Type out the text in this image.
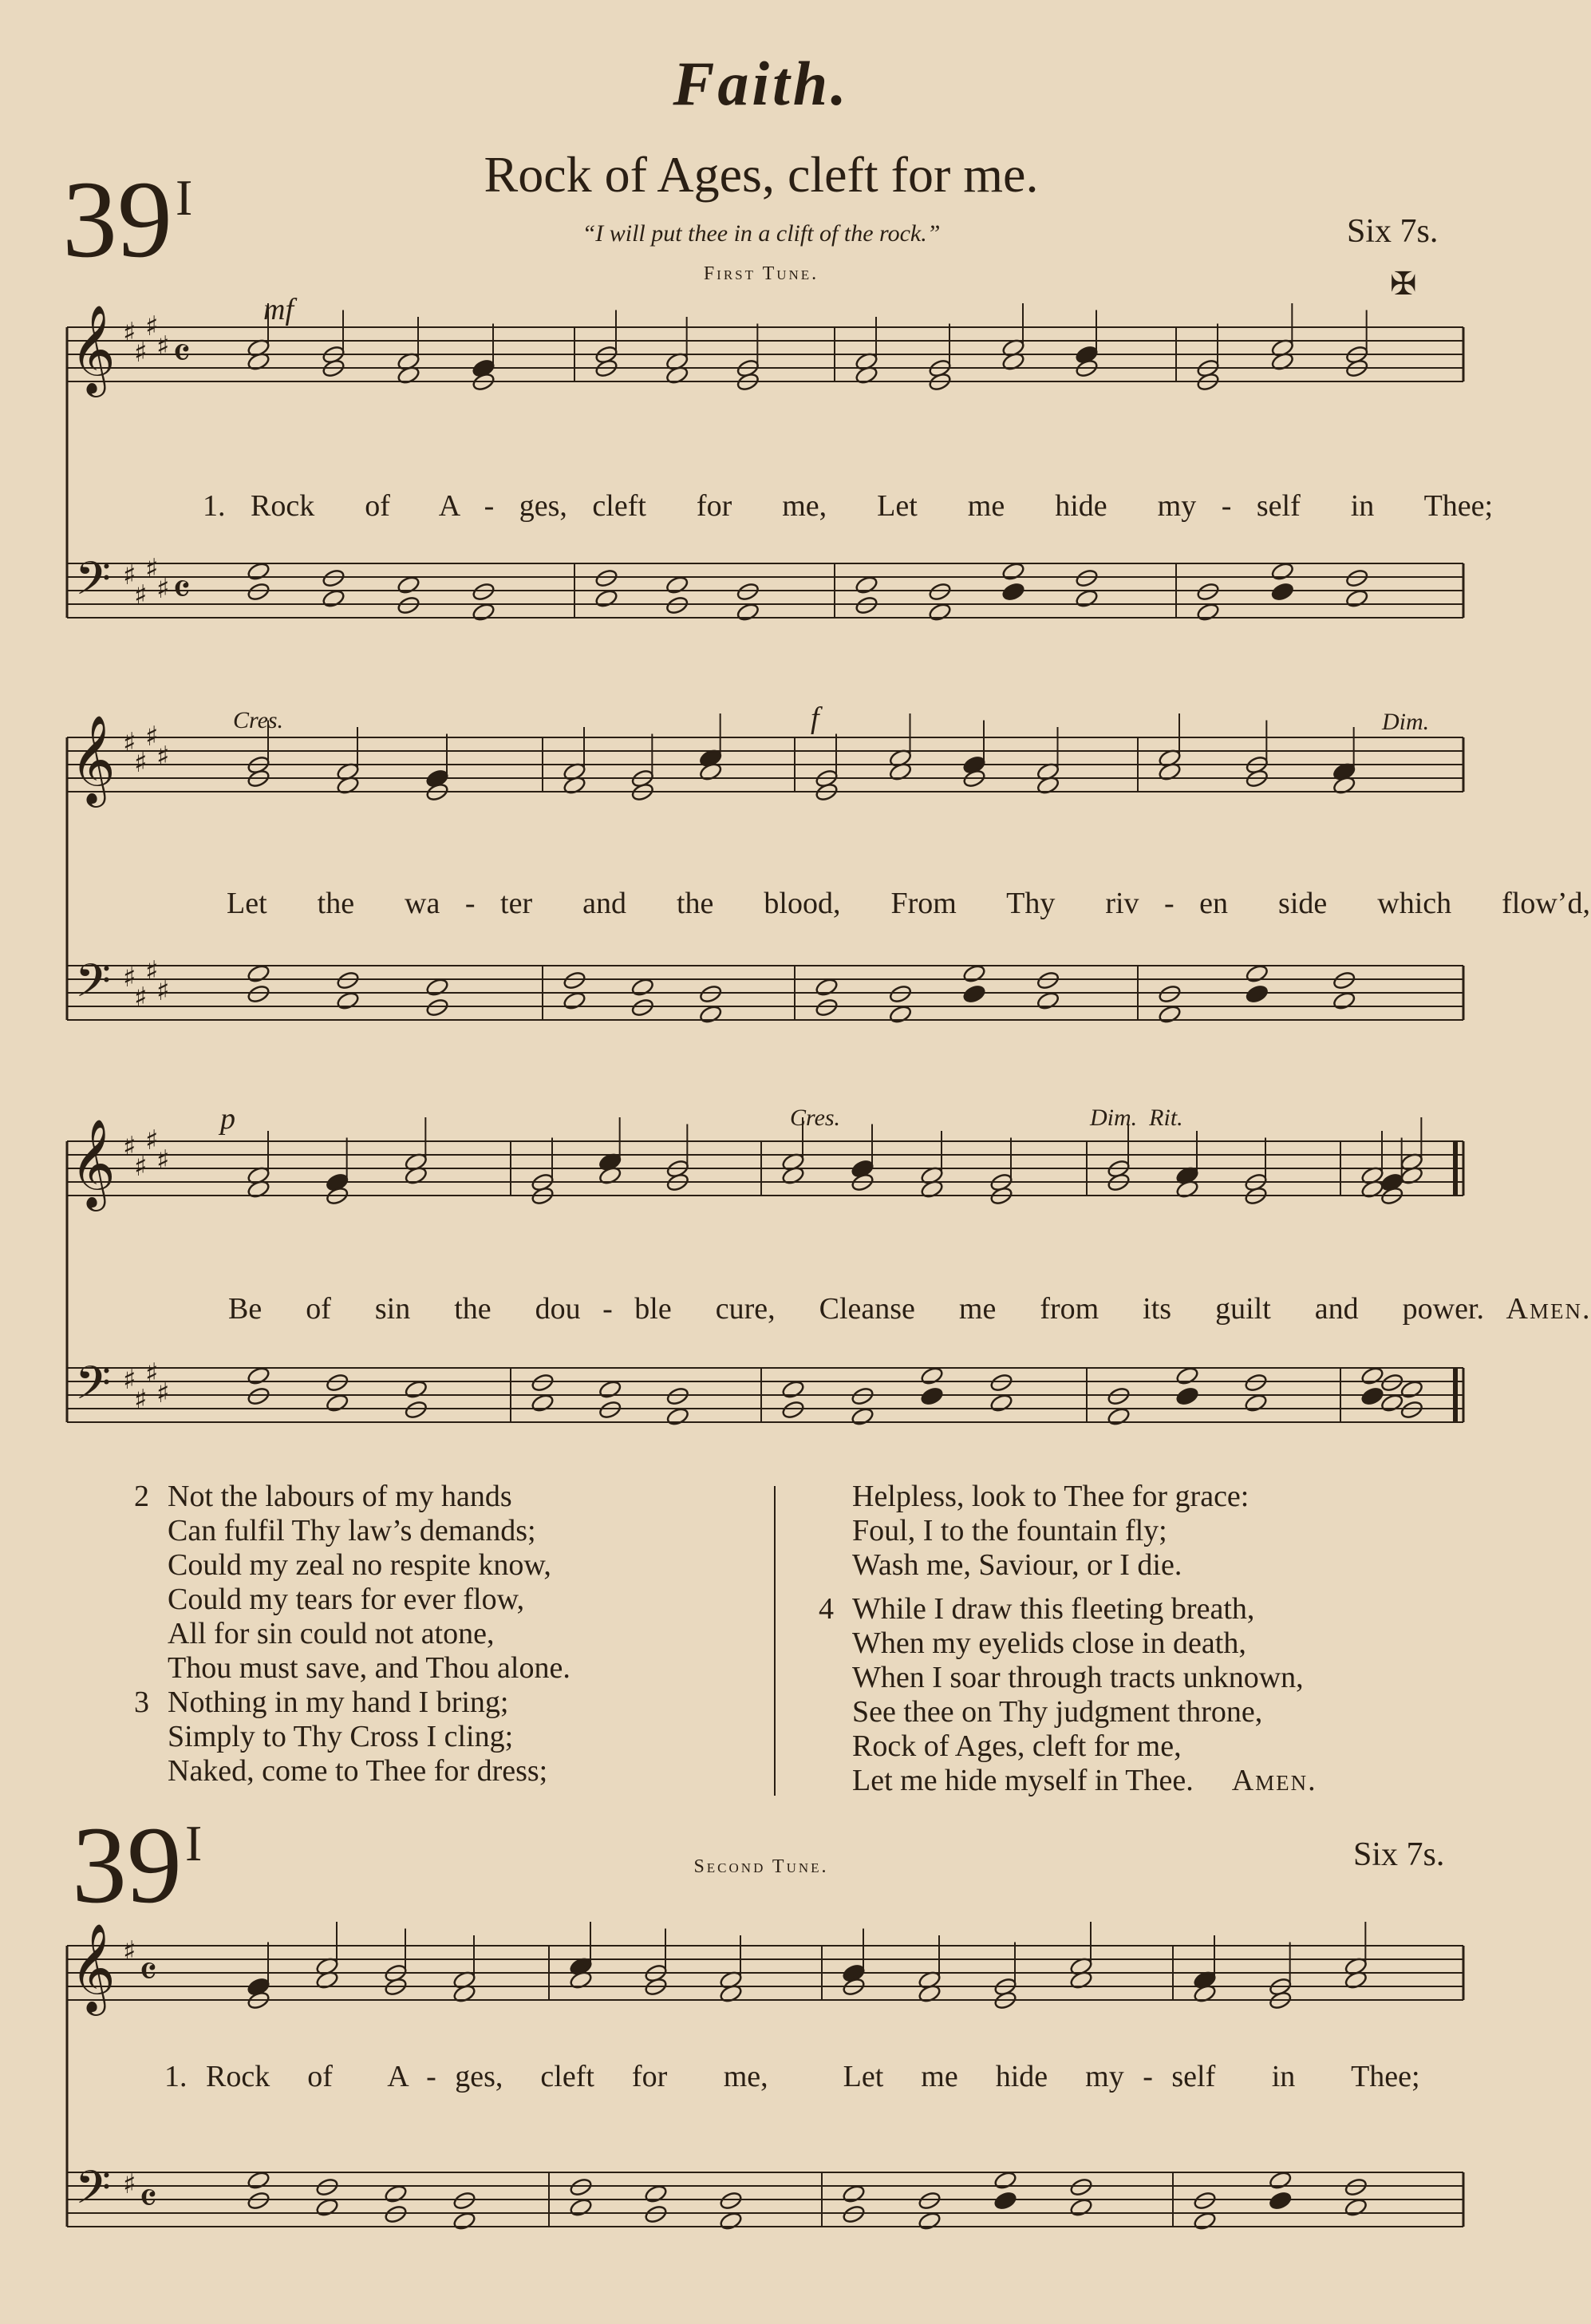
Faith.
$39^I$	Rock of Ages, cleft for me.
“I will put thee in a clift of the rock.”	Six 7s.
First Tune.	✠
mf
Cres.	f	Dim.
p	Cres.	Dim.  Rit.
1. Rock  of  A - ges, cleft  for  me,  Let  me  hide  my - self  in  Thee;
Let  the  wa - ter  and  the  blood,  From  Thy  riv - en  side  which  flow’d,
Be  of  sin  the  dou - ble  cure,  Cleanse  me  from  its  guilt  and  power. Amen.
2 Not the labours of my hands
Can fulfil Thy law’s demands;
Could my zeal no respite know,
Could my tears for ever flow,
All for sin could not atone,
Thou must save, and Thou alone.
3 Nothing in my hand I bring;
Simply to Thy Cross I cling;
Naked, come to Thee for dress;
Helpless, look to Thee for grace:
Foul, I to the fountain fly;
Wash me, Saviour, or I die.
4 While I draw this fleeting breath,
When my eyelids close in death,
When I soar through tracts unknown,
See thee on Thy judgment throne,
Rock of Ages, cleft for me,
Let me hide myself in Thee. Amen.
$39^I$	Second Tune.	Six 7s.
1. Rock  of   A - ges,  cleft  for   me,    Let  me  hide  my - self   in   Thee;
𝄞
𝄢
♯
♯
♯
♯
♯
♯
♯
♯
𝄴
𝄴
𝄞
𝄢
♯
♯
♯
♯
♯
♯
♯
♯
𝄞
𝄢
♯
♯
♯
♯
♯
♯
♯
♯
𝄞
𝄢
♯
♯
𝄴
𝄴
